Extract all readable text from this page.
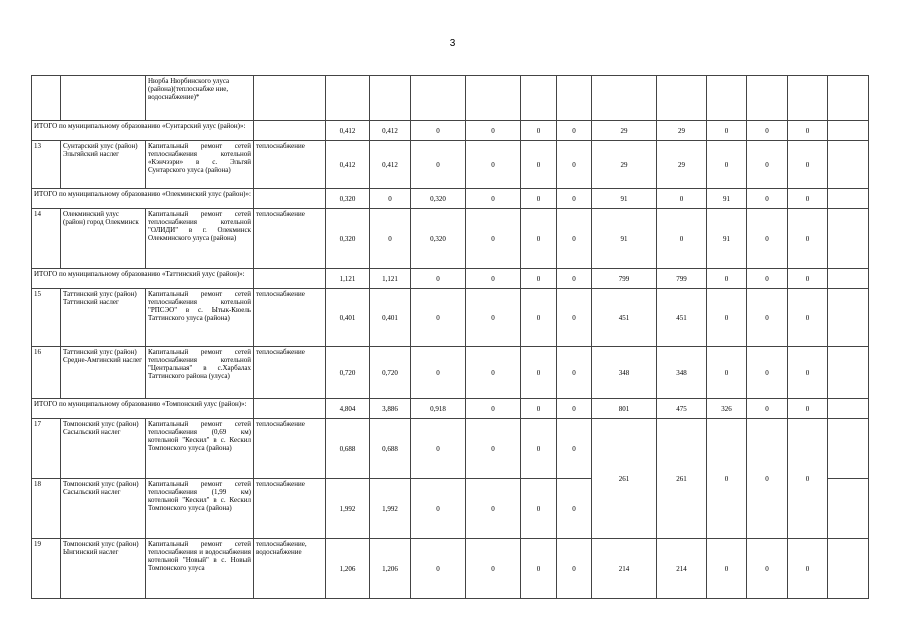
3
		Нюрба Нюрбинского улуса (района)(теплоснабже ние, водоснабжение)*													
ИТОГО по муниципальному образованию «Сунтарский улус (район)»:				0,412	0,412	0	0	0	0	29	29	0	0	0	
13	Сунтарский улус (район) Эльгяйский наслег	Капитальный ремонт сетей теплоснабжения котельной «Кэнчээри» в с. Эльгяй Сунтарского улуса (района)	теплоснабжение	0,412	0,412	0	0	0	0	29	29	0	0	0	
ИТОГО по муниципальному образованию «Олекминский улус (район)»:				0,320	0	0,320	0	0	0	91	0	91	0	0	
14	Олекминский улус (район) город Олекминск	Капитальный ремонт сетей теплоснабжения котельной "ОЛИДИ" в г. Олекминск Олекминского улуса (района)	теплоснабжение	0,320	0	0,320	0	0	0	91	0	91	0	0	
ИТОГО по муниципальному образованию «Таттинский улус (район)»:				1,121	1,121	0	0	0	0	799	799	0	0	0	
15	Таттинский улус (район) Таттинский наслег	Капитальный ремонт сетей теплоснабжения котельной "РПСЭО" в с. Ытык-Кюель Таттинского улуса (района)	теплоснабжение	0,401	0,401	0	0	0	0	451	451	0	0	0	
16	Таттинский улус (район) Средне-Амгинский наслег	Капитальный ремонт сетей теплоснабжения котельной "Центральная" в с.Харбалах Таттинского района (улуса)	теплоснабжение	0,720	0,720	0	0	0	0	348	348	0	0	0	
ИТОГО по муниципальному образованию «Томпонский улус (район)»:				4,804	3,886	0,918	0	0	0	801	475	326	0	0	
17	Томпонский улус (район) Сасыльский наслег	Капитальный ремонт сетей теплоснабжения (0,69 км) котельной "Кескил" в с. Кескил Томпонского улуса (района)	теплоснабжение	0,688	0,688	0	0	0	0	261	261	0	0	0	
18	Томпонский улус (район) Сасыльский наслег	Капитальный ремонт сетей теплоснабжения (1,99 км) котельной "Кескил" в с. Кескил Томпонского улуса (района)	теплоснабжение	1,992	1,992	0	0	0	0						
19	Томпонский улус (район) Ынгинский наслег	Капитальный ремонт сетей теплоснабжения и водоснабжения котельной "Новый" в с. Новый Томпонского улуса	теплоснабжение, водоснабжение	1,206	1,206	0	0	0	0	214	214	0	0	0	
